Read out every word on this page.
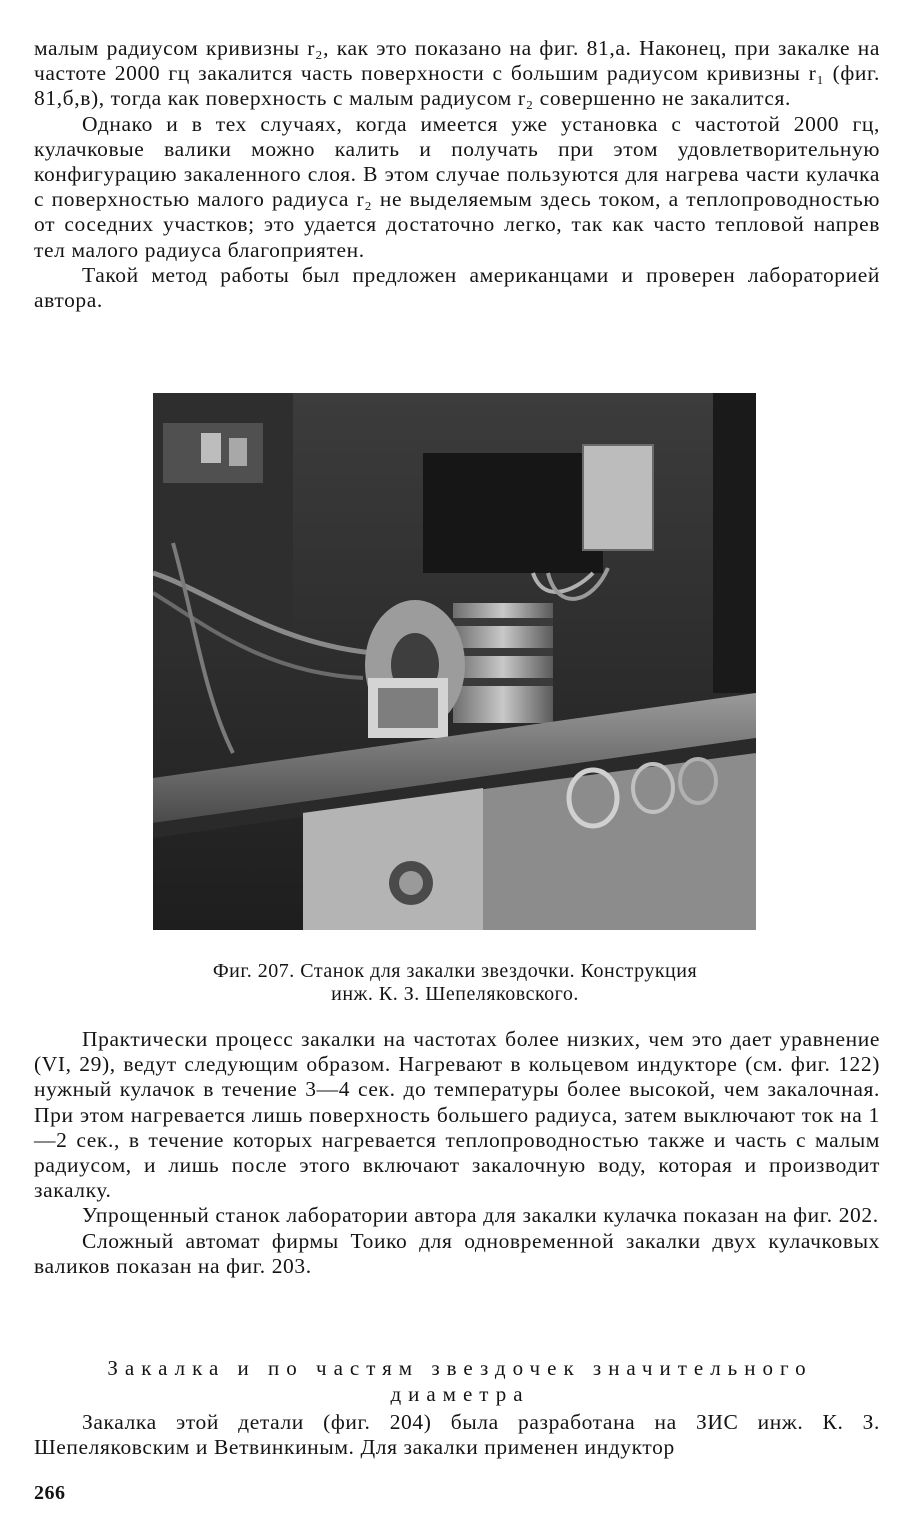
малым радиусом кривизны r₂, как это показано на фиг. 81,а. Наконец, при закалке на частоте 2000 гц закалится часть поверхности с большим радиусом кривизны r₁ (фиг. 81,б,в), тогда как поверхность с малым радиусом r₂ совершенно не закалится.

Однако и в тех случаях, когда имеется уже установка с частотой 2000 гц, кулачковые валики можно калить и получать при этом удовлетворительную конфигурацию закаленного слоя. В этом случае пользуются для нагрева части кулачка с поверхностью малого радиуса r₂ не выделяемым здесь током, а теплопроводностью от соседних участков; это удается достаточно легко, так как часто тепловой напрев тел малого радиуса благоприятен.

Такой метод работы был предложен американцами и проверен лабораторией автора.

Фиг. 207. Станок для закалки звездочки. Конструкция
инж. К. З. Шепеляковского.

Практически процесс закалки на частотах более низких, чем это дает уравнение (VI, 29), ведут следующим образом. Нагревают в кольцевом индукторе (см. фиг. 122) нужный кулачок в течение 3—4 сек. до температуры более высокой, чем закалочная. При этом нагревается лишь поверхность большего радиуса, затем выключают ток на 1—2 сек., в течение которых нагревается теплопроводностью также и часть с малым радиусом, и лишь после этого включают закалочную воду, которая и производит закалку.

Упрощенный станок лаборатории автора для закалки кулачка показан на фиг. 202.

Сложный автомат фирмы Тоико для одновременной закалки двух кулачковых валиков показан на фиг. 203.

Закалка и по частям звездочек значительного
диаметра

Закалка этой детали (фиг. 204) была разработана на ЗИС инж. К. З. Шепеляковским и Ветвинкиным. Для закалки применен индуктор

266
